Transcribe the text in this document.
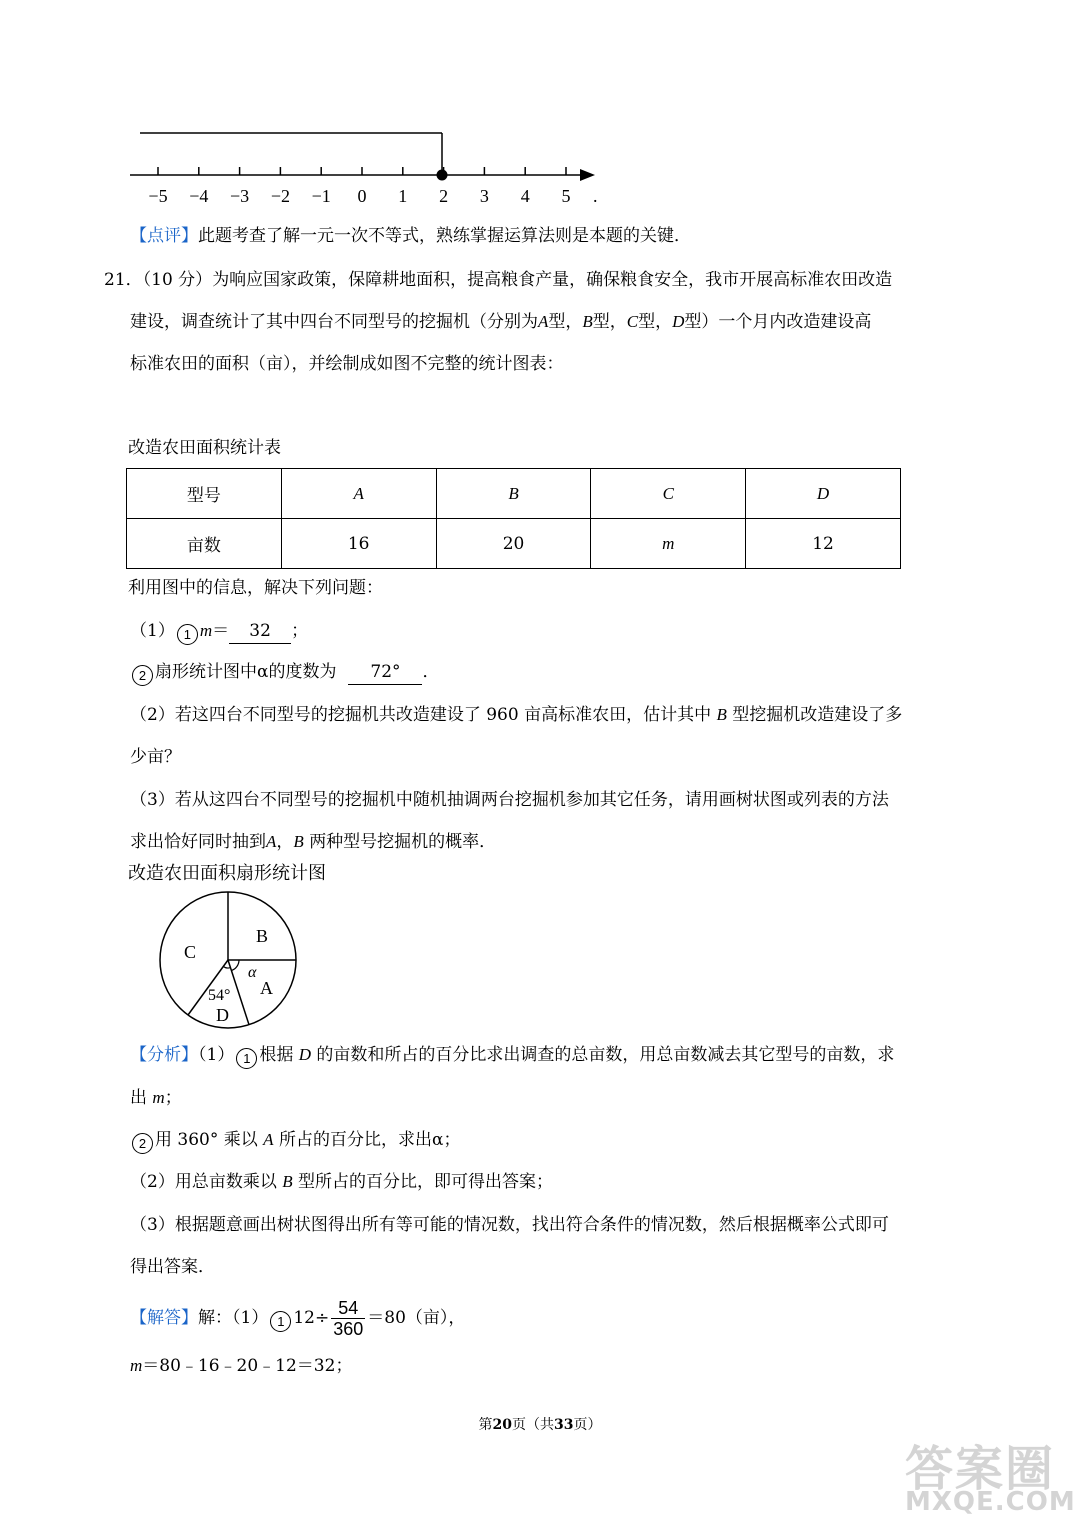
−5	−4	−3	−2	−1	0	1	2	3	4	5	.
【点评】此题考查了解一元一次不等式，熟练掌握运算法则是本题的关键．
21．（10 分）为响应国家政策，保障耕地面积，提高粮食产量，确保粮食安全，我市开展高标准农田改造
建设，调查统计了其中四台不同型号的挖掘机（分别为A型，B型，C型，D型）一个月内改造建设高
标准农田的面积（亩），并绘制成如图不完整的统计图表：
改造农田面积统计表
型号	A	B	C	D
亩数	16	20	m	12
利用图中的信息，解决下列问题：
（1） 1 m＝ 32 ；
2 扇形统计图中α的度数为 72° ．
（2）若这四台不同型号的挖掘机共改造建设了 960 亩高标准农田，估计其中 B 型挖掘机改造建设了多
少亩？
（3）若从这四台不同型号的挖掘机中随机抽调两台挖掘机参加其它任务，请用画树状图或列表的方法
求出恰好同时抽到A，B 两种型号挖掘机的概率．
改造农田面积扇形统计图
B
C
A
D
α
54°
【分析】（1） 1 根据 D 的亩数和所占的百分比求出调查的总亩数，用总亩数减去其它型号的亩数，求
出 m；
2 用 360° 乘以 A 所占的百分比，求出α；
（2）用总亩数乘以 B 型所占的百分比，即可得出答案；
（3）根据题意画出树状图得出所有等可能的情况数，找出符合条件的情况数，然后根据概率公式即可
得出答案．
【解答】解：（1） 1 $12\div \frac{54}{360} =80$（亩），
m＝80﹣16﹣20﹣12＝32；
第20页（共33页）
答案圈
MXQE.COM
